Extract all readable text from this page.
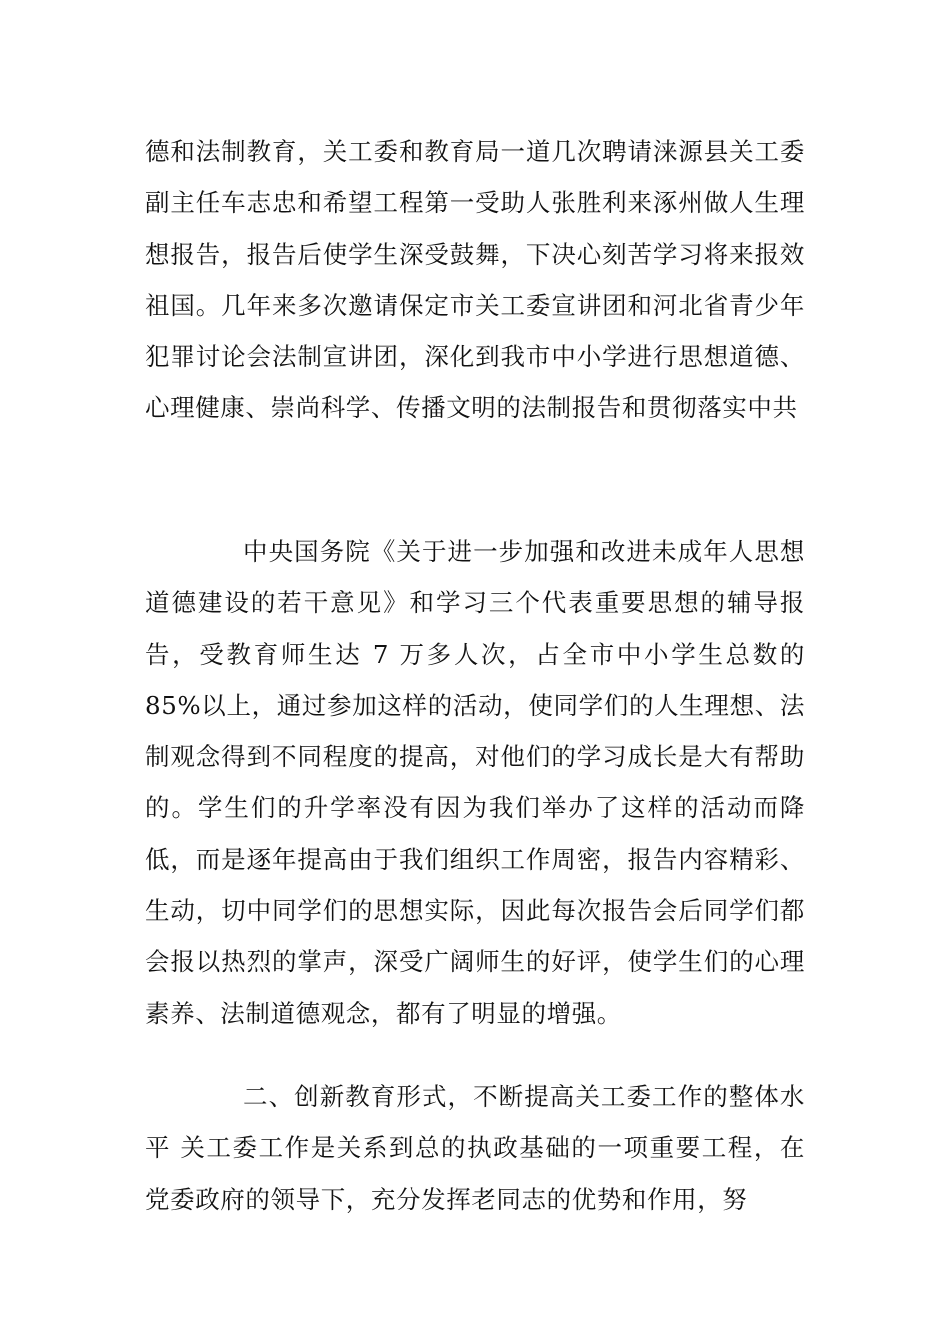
德和法制教育，关工委和教育局一道几次聘请涞源县关工委副主任车志忠和希望工程第一受助人张胜利来涿州做人生理想报告，报告后使学生深受鼓舞，下决心刻苦学习将来报效祖国。几年来多次邀请保定市关工委宣讲团和河北省青少年犯罪讨论会法制宣讲团，深化到我市中小学进行思想道德、心理健康、崇尚科学、传播文明的法制报告和贯彻落实中共

中央国务院《关于进一步加强和改进未成年人思想道德建设的若干意见》和学习三个代表重要思想的辅导报告，受教育师生达 7 万多人次，占全市中小学生总数的85%以上，通过参加这样的活动，使同学们的人生理想、法制观念得到不同程度的提高，对他们的学习成长是大有帮助的。学生们的升学率没有因为我们举办了这样的活动而降低，而是逐年提高由于我们组织工作周密，报告内容精彩、生动，切中同学们的思想实际，因此每次报告会后同学们都会报以热烈的掌声，深受广阔师生的好评，使学生们的心理素养、法制道德观念，都有了明显的增强。

二、创新教育形式，不断提高关工委工作的整体水平 关工委工作是关系到总的执政基础的一项重要工程，在党委政府的领导下，充分发挥老同志的优势和作用，努
